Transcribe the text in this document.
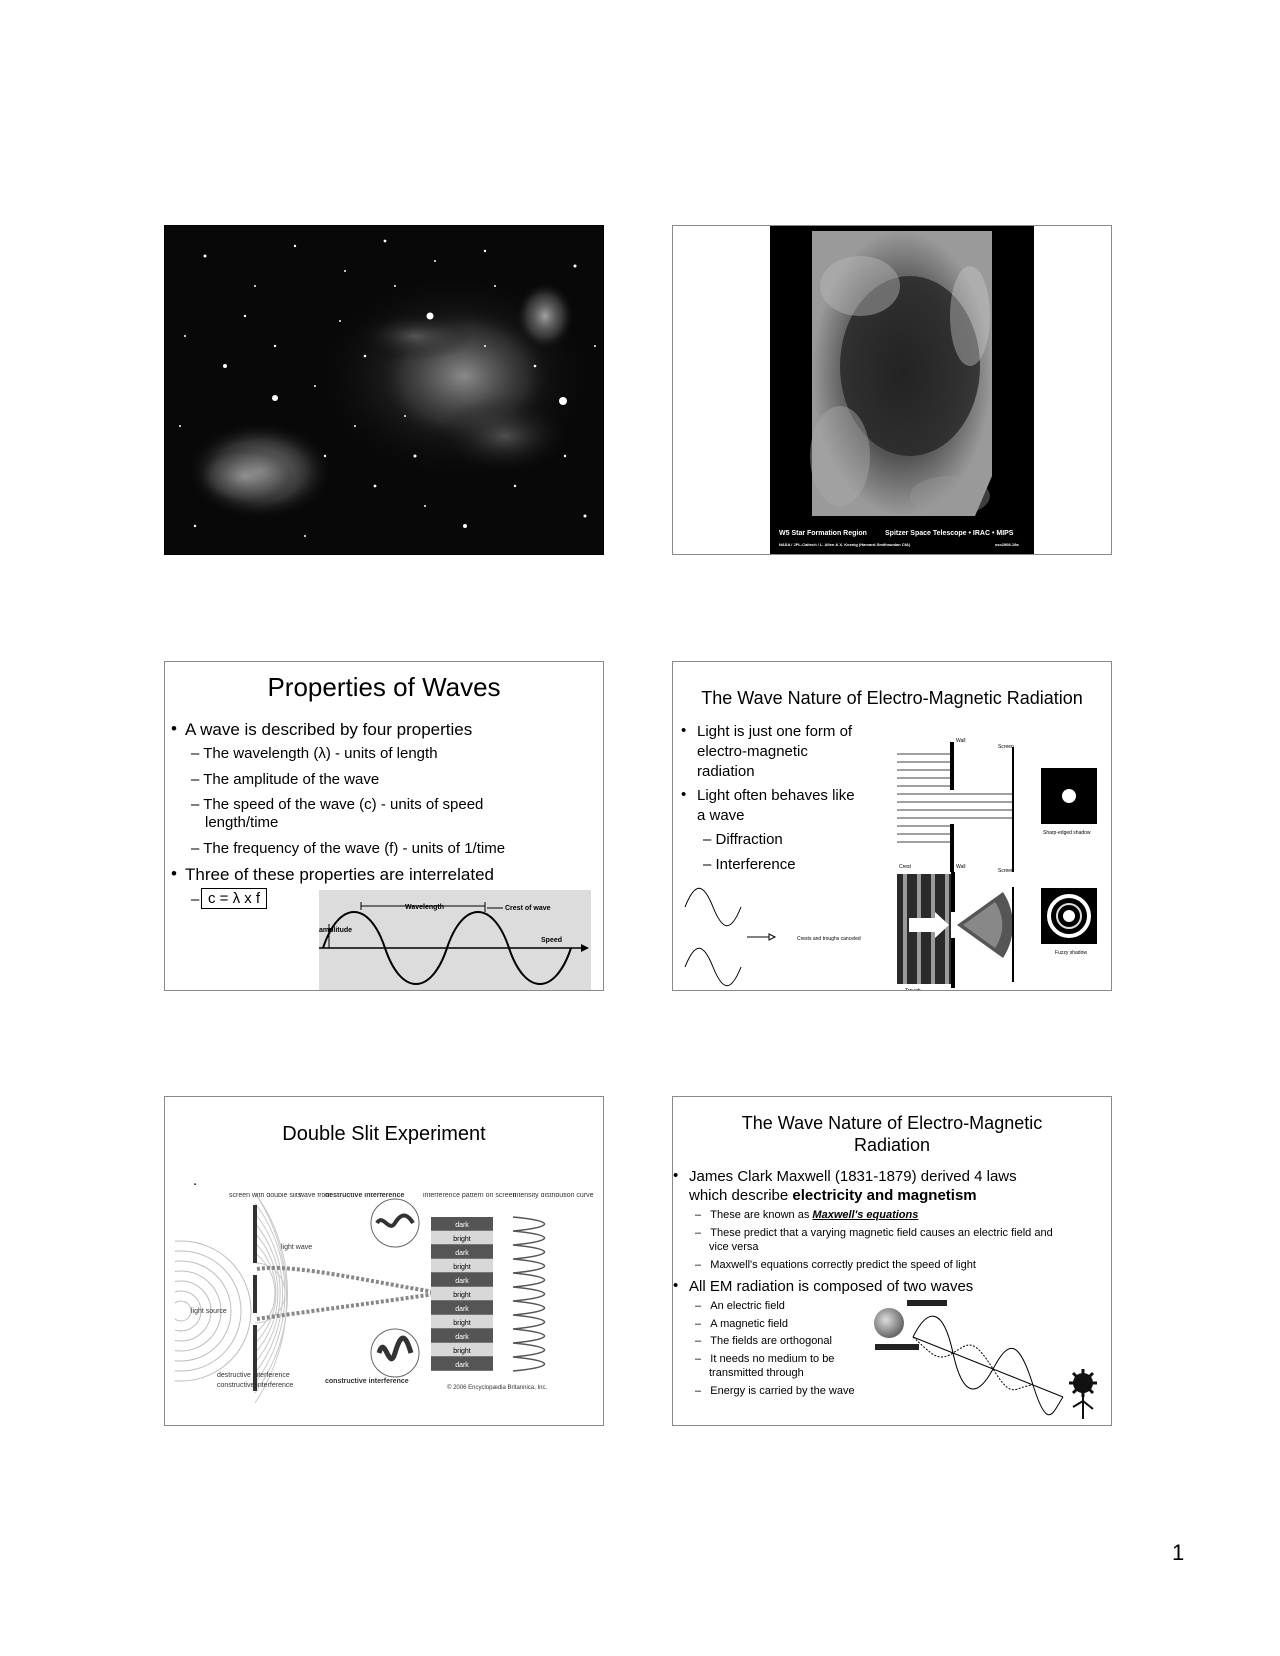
W5 Star Formation Region	Spitzer Space Telescope • IRAC • MIPS
NASA / JPL-Caltech / L. Allen & X. Koenig (Harvard-Smithsonian CfA)	ssc2008-19a
Properties of Waves
• A wave is described by four properties
– The wavelength (λ) - units of length
– The amplitude of the wave
– The speed of the wave (c) - units of speed
length/time
– The frequency of the wave (f) - units of 1/time
• Three of these properties are interrelated
– c = λ x f
Wavelength	Crest of wave
amplitude
Speed
The Wave Nature of Electro-Magnetic Radiation
• Light is just one form of
electro-magnetic
radiation
• Light often behaves like
a wave
– Diffraction
– Interference
Wall
Screen
Sharp-edged shadow
Crest
Trough
Wall
Screen
Fuzzy shadow
Crests and troughs canceled
Double Slit Experiment
.
dark
bright
dark
bright
dark
bright
dark
bright
dark
bright
dark
screen with double slits
wave front
destructive interference	interference pattern on screen
intensity distribution curve
light wave
light source
destructive interference
constructive interference
constructive interference
© 2006 Encyclopædia Britannica, Inc.
The Wave Nature of Electro-Magnetic
Radiation
• James Clark Maxwell (1831-1879) derived 4 laws
which describe electricity and magnetism
–   These are known as Maxwell's equations
–   These predict that a varying magnetic field causes an electric field and
vice versa
–   Maxwell's equations correctly predict the speed of light
• All EM radiation is composed of two waves
–   An electric field
–   A magnetic field
–   The fields are orthogonal
–   It needs no medium to be
transmitted through
–   Energy is carried by the wave
1
